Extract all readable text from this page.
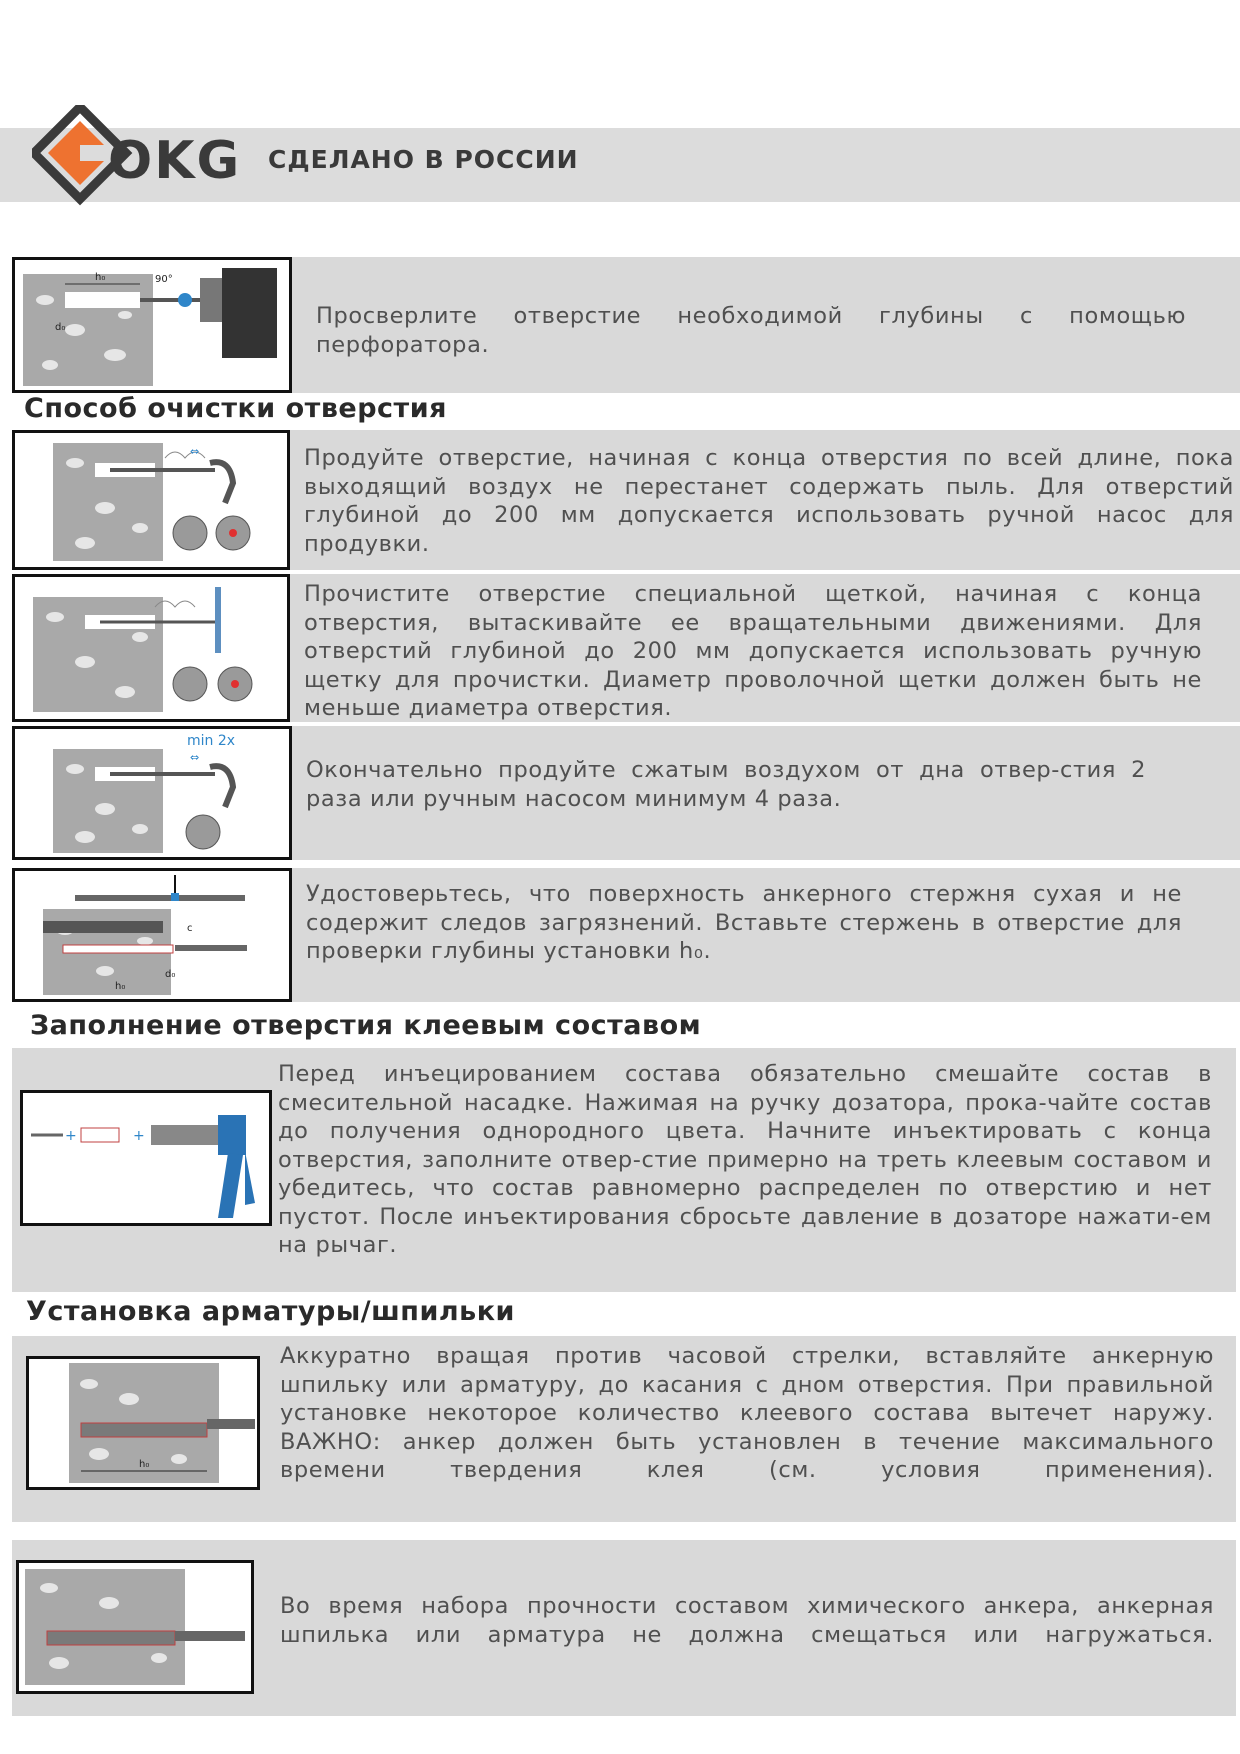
OKG СДЕЛАНО В РОССИИ
h₀	90°
d₀	Просверлите отверстие необходимой глубины с помощью перфоратора.
Способ очистки отверстия
⇔	Продуйте отверстие, начиная с конца отверстия по всей длине, пока выходящий воздух не перестанет содержать пыль. Для отверстий глубиной до 200 мм допускается использовать ручной насос для продувки.
Прочистите отверстие специальной щеткой, начиная с конца отверстия, вытаскивайте ее вращательными движениями. Для отверстий глубиной до 200 мм допускается использовать ручную щетку для прочистки. Диаметр проволочной щетки должен быть не меньше диаметра отверстия.
min 2x
⇔	Окончательно продуйте сжатым воздухом от дна отвер-стия 2 раза или ручным насосом минимум 4 раза.
c
h₀
d₀
Удостоверьтесь, что поверхность анкерного стержня сухая и не содержит следов загрязнений. Вставьте стержень в отверстие для проверки глубины установки h₀.
Заполнение отверстия клеевым составом
+	+
Перед инъецированием состава обязательно смешайте состав в смесительной насадке. Нажимая на ручку дозатора, прока-чайте состав до получения однородного цвета. Начните инъектировать с конца отверстия, заполните отвер-стие примерно на треть клеевым составом и убедитесь, что состав равномерно распределен по отверстию и нет пустот. После инъектирования сбросьте давление в дозаторе нажати-ем на рычаг.
Установка арматуры/шпильки
h₀
Аккуратно вращая против часовой стрелки, вставляйте анкерную шпильку или арматуру, до касания с дном отверстия. При правильной установке некоторое количество клеевого состава вытечет наружу. ВАЖНО: анкер должен быть установлен в течение максимального времени твердения клея (см. условия применения).
Во время набора прочности составом химического анкера, анкерная шпилька или арматура не должна смещаться или нагружаться.
